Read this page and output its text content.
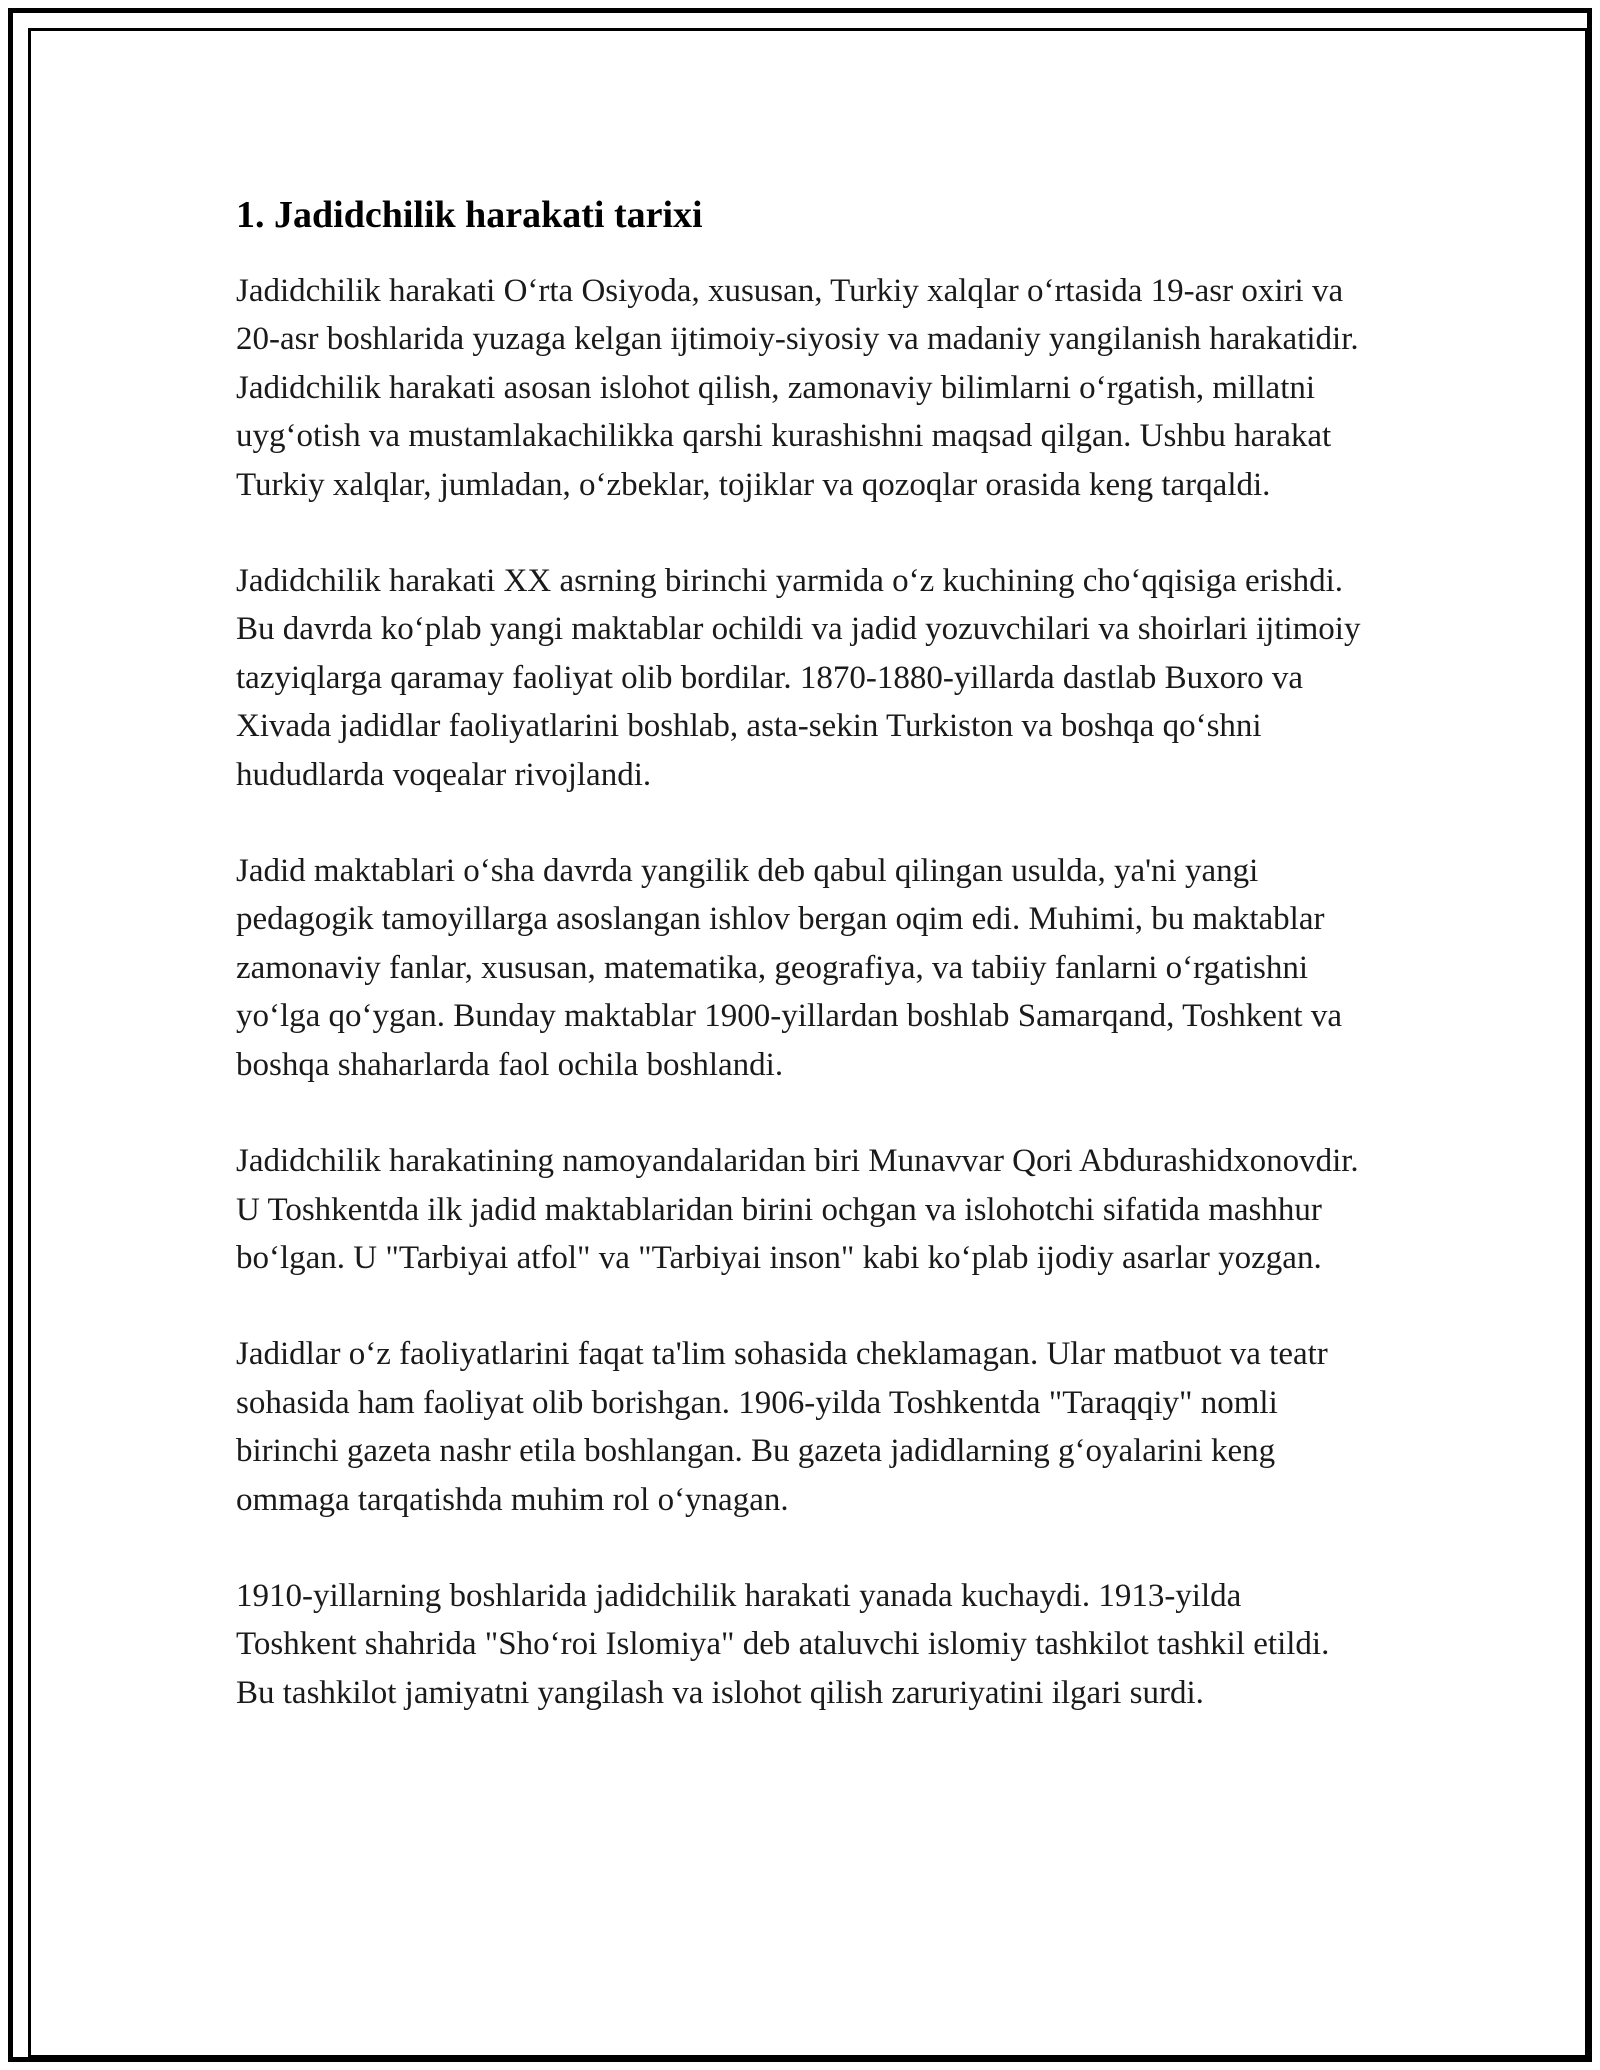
1. Jadidchilik harakati tarixi

Jadidchilik harakati O‘rta Osiyoda, xususan, Turkiy xalqlar o‘rtasida 19-asr oxiri va 20-asr boshlarida yuzaga kelgan ijtimoiy-siyosiy va madaniy yangilanish harakatidir. Jadidchilik harakati asosan islohot qilish, zamonaviy bilimlarni o‘rgatish, millatni uyg‘otish va mustamlakachilikka qarshi kurashishni maqsad qilgan. Ushbu harakat Turkiy xalqlar, jumladan, o‘zbeklar, tojiklar va qozoqlar orasida keng tarqaldi.

Jadidchilik harakati XX asrning birinchi yarmida o‘z kuchining cho‘qqisiga erishdi. Bu davrda ko‘plab yangi maktablar ochildi va jadid yozuvchilari va shoirlari ijtimoiy tazyiqlarga qaramay faoliyat olib bordilar. 1870-1880-yillarda dastlab Buxoro va Xivada jadidlar faoliyatlarini boshlab, asta-sekin Turkiston va boshqa qo‘shni hududlarda voqealar rivojlandi.

Jadid maktablari o‘sha davrda yangilik deb qabul qilingan usulda, ya'ni yangi pedagogik tamoyillarga asoslangan ishlov bergan oqim edi. Muhimi, bu maktablar zamonaviy fanlar, xususan, matematika, geografiya, va tabiiy fanlarni o‘rgatishni yo‘lga qo‘ygan. Bunday maktablar 1900-yillardan boshlab Samarqand, Toshkent va boshqa shaharlarda faol ochila boshlandi.

Jadidchilik harakatining namoyandalaridan biri Munavvar Qori Abdurashidxonovdir. U Toshkentda ilk jadid maktablaridan birini ochgan va islohotchi sifatida mashhur bo‘lgan. U "Tarbiyai atfol" va "Tarbiyai inson" kabi ko‘plab ijodiy asarlar yozgan.

Jadidlar o‘z faoliyatlarini faqat ta'lim sohasida cheklamagan. Ular matbuot va teatr sohasida ham faoliyat olib borishgan. 1906-yilda Toshkentda "Taraqqiy" nomli birinchi gazeta nashr etila boshlangan. Bu gazeta jadidlarning g‘oyalarini keng ommaga tarqatishda muhim rol o‘ynagan.

1910-yillarning boshlarida jadidchilik harakati yanada kuchaydi. 1913-yilda Toshkent shahrida "Sho‘roi Islomiya" deb ataluvchi islomiy tashkilot tashkil etildi. Bu tashkilot jamiyatni yangilash va islohot qilish zaruriyatini ilgari surdi.
